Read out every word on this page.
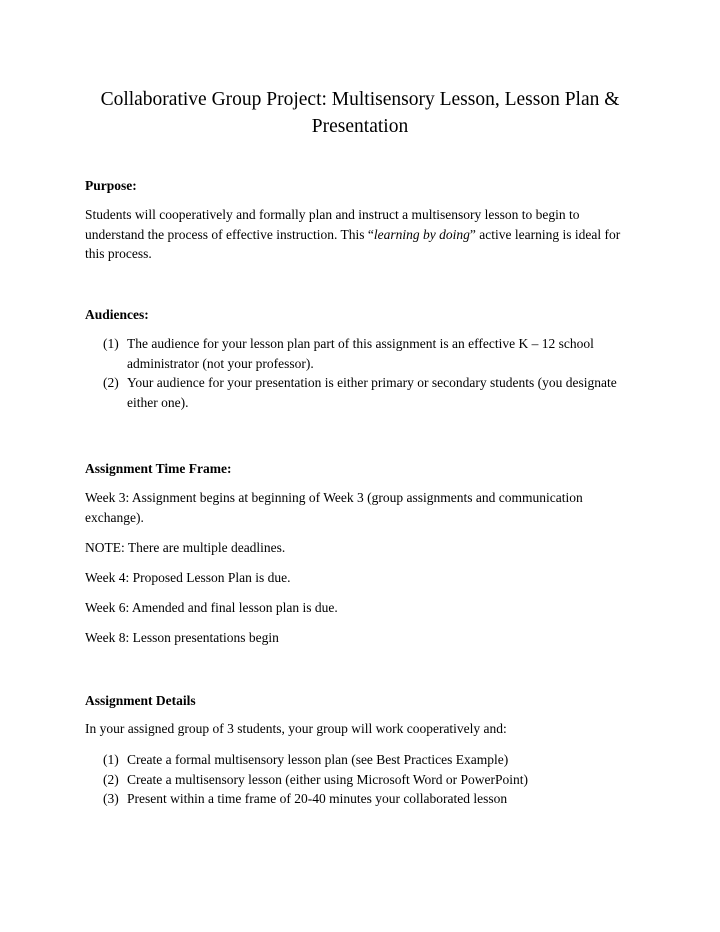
Collaborative Group Project: Multisensory Lesson, Lesson Plan &
Presentation
Purpose:
Students will cooperatively and formally plan and instruct a multisensory lesson to begin to understand the process of effective instruction. This “learning by doing” active learning is ideal for this process.
Audiences:
(1) The audience for your lesson plan part of this assignment is an effective K – 12 school administrator (not your professor).
(2) Your audience for your presentation is either primary or secondary students (you designate either one).
Assignment Time Frame:
Week 3: Assignment begins at beginning of Week 3 (group assignments and communication exchange).
NOTE: There are multiple deadlines.
Week 4: Proposed Lesson Plan is due.
Week 6: Amended and final lesson plan is due.
Week 8: Lesson presentations begin
Assignment Details
In your assigned group of 3 students, your group will work cooperatively and:
(1) Create a formal multisensory lesson plan (see Best Practices Example)
(2) Create a multisensory lesson (either using Microsoft Word or PowerPoint)
(3) Present within a time frame of 20-40 minutes your collaborated lesson
